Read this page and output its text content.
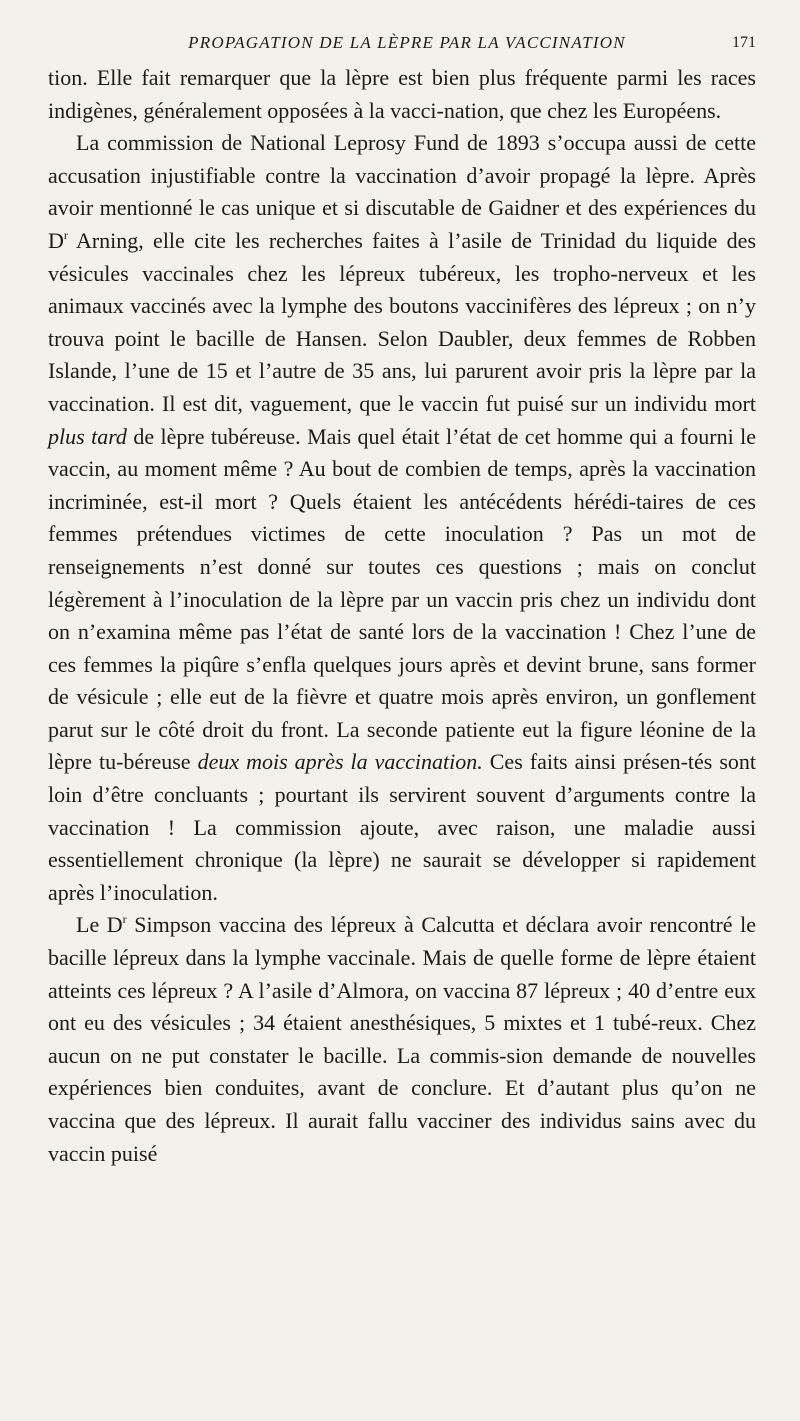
PROPAGATION DE LA LÈPRE PAR LA VACCINATION	171

tion. Elle fait remarquer que la lèpre est bien plus fréquente parmi les races indigènes, généralement opposées à la vacci-nation, que chez les Européens.

La commission de National Leprosy Fund de 1893 s’occupa aussi de cette accusation injustifiable contre la vaccination d’avoir propagé la lèpre. Après avoir mentionné le cas unique et si discutable de Gaidner et des expériences du $D^r$ Arning, elle cite les recherches faites à l’asile de Trinidad du liquide des vésicules vaccinales chez les lépreux tubéreux, les tropho-nerveux et les animaux vaccinés avec la lymphe des boutons vaccinifères des lépreux ; on n’y trouva point le bacille de Hansen. Selon Daubler, deux femmes de Robben Islande, l’une de 15 et l’autre de 35 ans, lui parurent avoir pris la lèpre par la vaccination. Il est dit, vaguement, que le vaccin fut puisé sur un individu mort plus tard de lèpre tubéreuse. Mais quel était l’état de cet homme qui a fourni le vaccin, au moment même ? Au bout de combien de temps, après la vaccination incriminée, est-il mort ? Quels étaient les antécédents hérédi-taires de ces femmes prétendues victimes de cette inoculation ? Pas un mot de renseignements n’est donné sur toutes ces questions ; mais on conclut légèrement à l’inoculation de la lèpre par un vaccin pris chez un individu dont on n’examina même pas l’état de santé lors de la vaccination ! Chez l’une de ces femmes la piqûre s’enfla quelques jours après et devint brune, sans former de vésicule ; elle eut de la fièvre et quatre mois après environ, un gonflement parut sur le côté droit du front. La seconde patiente eut la figure léonine de la lèpre tu-béreuse deux mois après la vaccination. Ces faits ainsi présen-tés sont loin d’être concluants ; pourtant ils servirent souvent d’arguments contre la vaccination ! La commission ajoute, avec raison, une maladie aussi essentiellement chronique (la lèpre) ne saurait se développer si rapidement après l’inoculation.

Le $D^r$ Simpson vaccina des lépreux à Calcutta et déclara avoir rencontré le bacille lépreux dans la lymphe vaccinale. Mais de quelle forme de lèpre étaient atteints ces lépreux ? A l’asile d’Almora, on vaccina 87 lépreux ; 40 d’entre eux ont eu des vésicules ; 34 étaient anesthésiques, 5 mixtes et 1 tubé-reux. Chez aucun on ne put constater le bacille. La commis-sion demande de nouvelles expériences bien conduites, avant de conclure. Et d’autant plus qu’on ne vaccina que des lépreux. Il aurait fallu vacciner des individus sains avec du vaccin puisé
